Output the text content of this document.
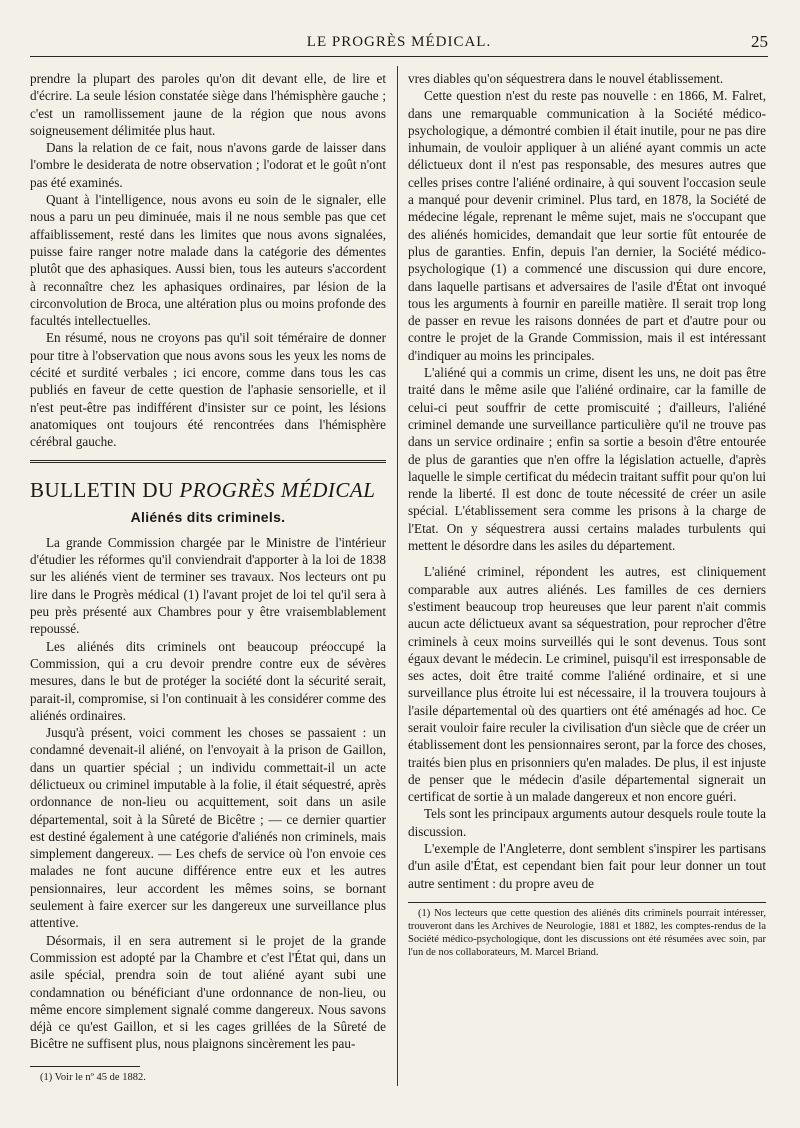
LE PROGRÈS MÉDICAL.	25

prendre la plupart des paroles qu'on dit devant elle, de lire et d'écrire. La seule lésion constatée siège dans l'hémisphère gauche ; c'est un ramollissement jaune de la région que nous avons soigneusement délimitée plus haut.

Dans la relation de ce fait, nous n'avons garde de laisser dans l'ombre le desiderata de notre observation ; l'odorat et le goût n'ont pas été examinés.

Quant à l'intelligence, nous avons eu soin de le signaler, elle nous a paru un peu diminuée, mais il ne nous semble pas que cet affaiblissement, resté dans les limites que nous avons signalées, puisse faire ranger notre malade dans la catégorie des démentes plutôt que des aphasiques. Aussi bien, tous les auteurs s'accordent à reconnaître chez les aphasiques ordinaires, par lésion de la circonvolution de Broca, une altération plus ou moins profonde des facultés intellectuelles.

En résumé, nous ne croyons pas qu'il soit téméraire de donner pour titre à l'observation que nous avons sous les yeux les noms de cécité et surdité verbales ; ici encore, comme dans tous les cas publiés en faveur de cette question de l'aphasie sensorielle, et il n'est peut-être pas indifférent d'insister sur ce point, les lésions anatomiques ont toujours été rencontrées dans l'hémisphère cérébral gauche.

BULLETIN DU PROGRÈS MÉDICAL
Aliénés dits criminels.

La grande Commission chargée par le Ministre de l'intérieur d'étudier les réformes qu'il conviendrait d'apporter à la loi de 1838 sur les aliénés vient de terminer ses travaux. Nos lecteurs ont pu lire dans le Progrès médical (1) l'avant projet de loi tel qu'il sera à peu près présenté aux Chambres pour y être vraisemblablement repoussé.

Les aliénés dits criminels ont beaucoup préoccupé la Commission, qui a cru devoir prendre contre eux de sévères mesures, dans le but de protéger la société dont la sécurité serait, parait-il, compromise, si l'on continuait à les considérer comme des aliénés ordinaires.

Jusqu'à présent, voici comment les choses se passaient : un condamné devenait-il aliéné, on l'envoyait à la prison de Gaillon, dans un quartier spécial ; un individu commettait-il un acte délictueux ou criminel imputable à la folie, il était séquestré, après ordonnance de non-lieu ou acquittement, soit dans un asile départemental, soit à la Sûreté de Bicêtre ; — ce dernier quartier est destiné également à une catégorie d'aliénés non criminels, mais simplement dangereux. — Les chefs de service où l'on envoie ces malades ne font aucune différence entre eux et les autres pensionnaires, leur accordent les mêmes soins, se bornant seulement à faire exercer sur les dangereux une surveillance plus attentive.

Désormais, il en sera autrement si le projet de la grande Commission est adopté par la Chambre et c'est l'État qui, dans un asile spécial, prendra soin de tout aliéné ayant subi une condamnation ou bénéficiant d'une ordonnance de non-lieu, ou même encore simplement signalé comme dangereux. Nous savons déjà ce qu'est Gaillon, et si les cages grillées de la Sûreté de Bicêtre ne suffisent plus, nous plaignons sincèrement les pau-

(1) Voir le nº 45 de 1882.

vres diables qu'on séquestrera dans le nouvel établissement.

Cette question n'est du reste pas nouvelle : en 1866, M. Falret, dans une remarquable communication à la Société médico-psychologique, a démontré combien il était inutile, pour ne pas dire inhumain, de vouloir appliquer à un aliéné ayant commis un acte délictueux dont il n'est pas responsable, des mesures autres que celles prises contre l'aliéné ordinaire, à qui souvent l'occasion seule a manqué pour devenir criminel. Plus tard, en 1878, la Société de médecine légale, reprenant le même sujet, mais ne s'occupant que des aliénés homicides, demandait que leur sortie fût entourée de plus de garanties. Enfin, depuis l'an dernier, la Société médico-psychologique (1) a commencé une discussion qui dure encore, dans laquelle partisans et adversaires de l'asile d'État ont invoqué tous les arguments à fournir en pareille matière. Il serait trop long de passer en revue les raisons données de part et d'autre pour ou contre le projet de la Grande Commission, mais il est intéressant d'indiquer au moins les principales.

L'aliéné qui a commis un crime, disent les uns, ne doit pas être traité dans le même asile que l'aliéné ordinaire, car la famille de celui-ci peut souffrir de cette promiscuité ; d'ailleurs, l'aliéné criminel demande une surveillance particulière qu'il ne trouve pas dans un service ordinaire ; enfin sa sortie a besoin d'être entourée de plus de garanties que n'en offre la législation actuelle, d'après laquelle le simple certificat du médecin traitant suffit pour qu'on lui rende la liberté. Il est donc de toute nécessité de créer un asile spécial. L'établissement sera comme les prisons à la charge de l'Etat. On y séquestrera aussi certains malades turbulents qui mettent le désordre dans les asiles du département.

L'aliéné criminel, répondent les autres, est cliniquement comparable aux autres aliénés. Les familles de ces derniers s'estiment beaucoup trop heureuses que leur parent n'ait commis aucun acte délictueux avant sa séquestration, pour reprocher d'être criminels à ceux moins surveillés qui le sont devenus. Tous sont égaux devant le médecin. Le criminel, puisqu'il est irresponsable de ses actes, doit être traité comme l'aliéné ordinaire, et si une surveillance plus étroite lui est nécessaire, il la trouvera toujours à l'asile départemental où des quartiers ont été aménagés ad hoc. Ce serait vouloir faire reculer la civilisation d'un siècle que de créer un établissement dont les pensionnaires seront, par la force des choses, traités bien plus en prisonniers qu'en malades. De plus, il est injuste de penser que le médecin d'asile départemental signerait un certificat de sortie à un malade dangereux et non encore guéri.

Tels sont les principaux arguments autour desquels roule toute la discussion.

L'exemple de l'Angleterre, dont semblent s'inspirer les partisans d'un asile d'État, est cependant bien fait pour leur donner un tout autre sentiment : du propre aveu de

(1) Nos lecteurs que cette question des aliénés dits criminels pourrait intéresser, trouveront dans les Archives de Neurologie, 1881 et 1882, les comptes-rendus de la Société médico-psychologique, dont les discussions ont été résumées avec soin, par l'un de nos collaborateurs, M. Marcel Briand.
